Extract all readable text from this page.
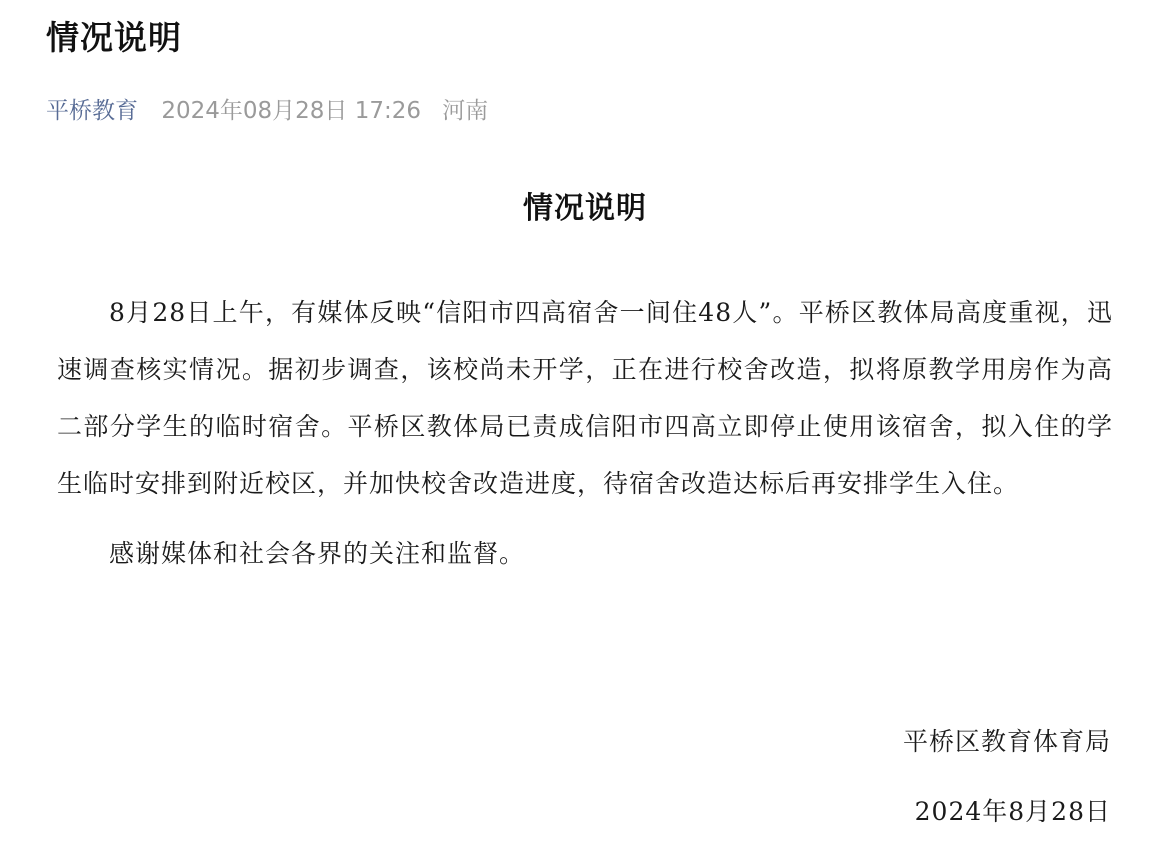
情况说明
平桥教育 2024年08月28日 17:26 河南
情况说明

8月28日上午，有媒体反映“信阳市四高宿舍一间住48人”。平桥区教体局高度重视，迅速调查核实情况。据初步调查，该校尚未开学，正在进行校舍改造，拟将原教学用房作为高二部分学生的临时宿舍。平桥区教体局已责成信阳市四高立即停止使用该宿舍，拟入住的学生临时安排到附近校区，并加快校舍改造进度，待宿舍改造达标后再安排学生入住。

感谢媒体和社会各界的关注和监督。

平桥区教育体育局
2024年8月28日
